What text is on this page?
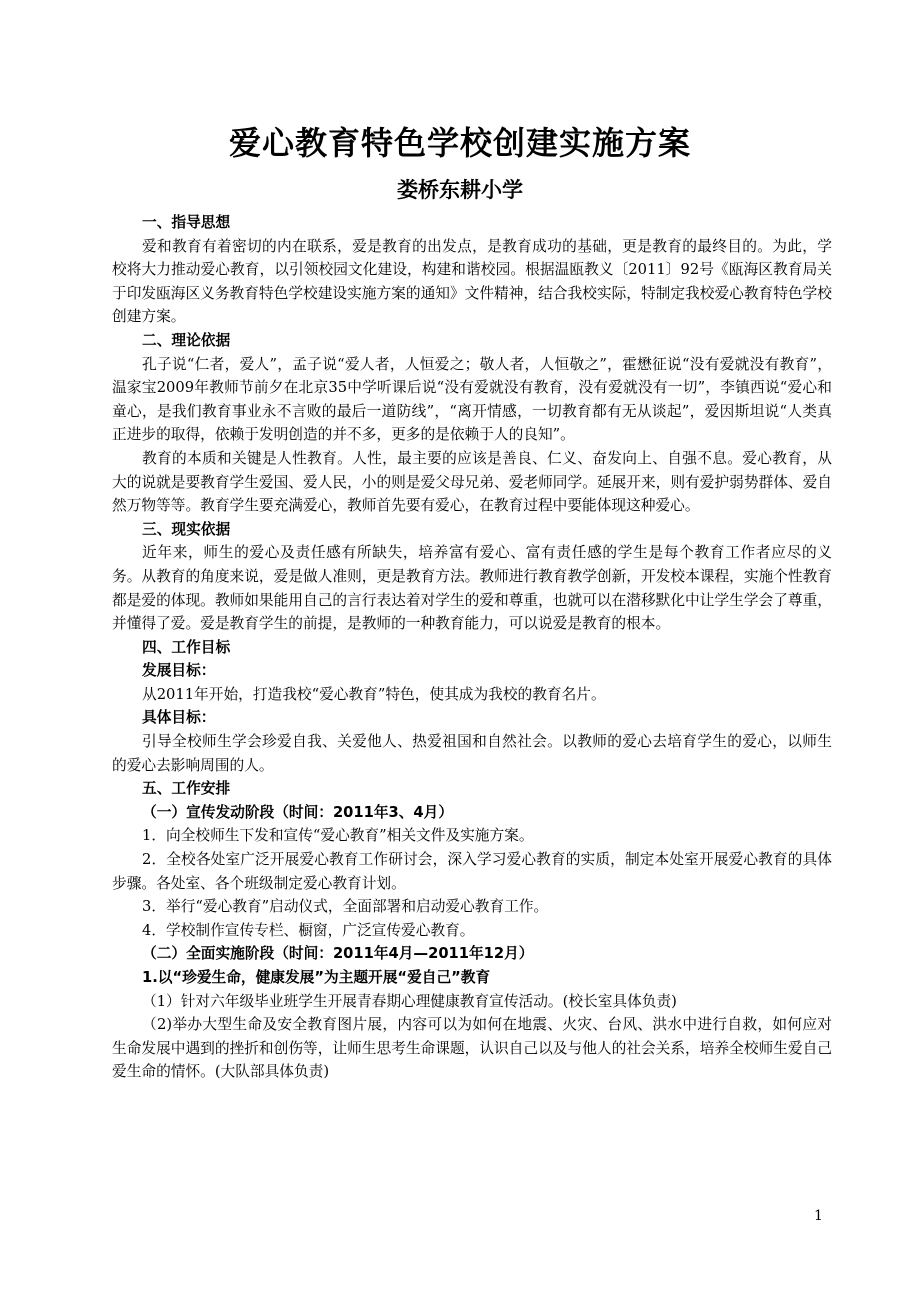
爱心教育特色学校创建实施方案
娄桥东耕小学

一、指导思想

爱和教育有着密切的内在联系，爱是教育的出发点，是教育成功的基础，更是教育的最终目的。为此，学校将大力推动爱心教育，以引领校园文化建设，构建和谐校园。根据温瓯教义〔2011〕92号《瓯海区教育局关于印发瓯海区义务教育特色学校建设实施方案的通知》文件精神，结合我校实际，特制定我校爱心教育特色学校创建方案。

二、理论依据

孔子说“仁者，爱人”，孟子说“爱人者，人恒爱之；敬人者，人恒敬之”，霍懋征说“没有爱就没有教育”，温家宝2009年教师节前夕在北京35中学听课后说“没有爱就没有教育，没有爱就没有一切”，李镇西说“爱心和童心，是我们教育事业永不言败的最后一道防线”，“离开情感，一切教育都有无从谈起”，爱因斯坦说“人类真正进步的取得，依赖于发明创造的并不多，更多的是依赖于人的良知”。

教育的本质和关键是人性教育。人性，最主要的应该是善良、仁义、奋发向上、自强不息。爱心教育，从大的说就是要教育学生爱国、爱人民，小的则是爱父母兄弟、爱老师同学。延展开来，则有爱护弱势群体、爱自然万物等等。教育学生要充满爱心，教师首先要有爱心，在教育过程中要能体现这种爱心。

三、现实依据

近年来，师生的爱心及责任感有所缺失，培养富有爱心、富有责任感的学生是每个教育工作者应尽的义务。从教育的角度来说，爱是做人准则，更是教育方法。教师进行教育教学创新，开发校本课程，实施个性教育都是爱的体现。教师如果能用自己的言行表达着对学生的爱和尊重，也就可以在潜移默化中让学生学会了尊重，并懂得了爱。爱是教育学生的前提，是教师的一种教育能力，可以说爱是教育的根本。

四、工作目标

发展目标：

从2011年开始，打造我校“爱心教育”特色，使其成为我校的教育名片。

具体目标：

引导全校师生学会珍爱自我、关爱他人、热爱祖国和自然社会。以教师的爱心去培育学生的爱心，以师生的爱心去影响周围的人。

五、工作安排

（一）宣传发动阶段（时间：2011年3、4月）

1．向全校师生下发和宣传“爱心教育”相关文件及实施方案。

2．全校各处室广泛开展爱心教育工作研讨会，深入学习爱心教育的实质，制定本处室开展爱心教育的具体步骤。各处室、各个班级制定爱心教育计划。

3．举行“爱心教育”启动仪式，全面部署和启动爱心教育工作。

4．学校制作宣传专栏、橱窗，广泛宣传爱心教育。

（二）全面实施阶段（时间：2011年4月—2011年12月）

1.以“珍爱生命，健康发展”为主题开展“爱自己”教育

（1）针对六年级毕业班学生开展青春期心理健康教育宣传活动。(校长室具体负责)

（2)举办大型生命及安全教育图片展，内容可以为如何在地震、火灾、台风、洪水中进行自救，如何应对生命发展中遇到的挫折和创伤等，让师生思考生命课题，认识自己以及与他人的社会关系，培养全校师生爱自己爱生命的情怀。(大队部具体负责)

1
